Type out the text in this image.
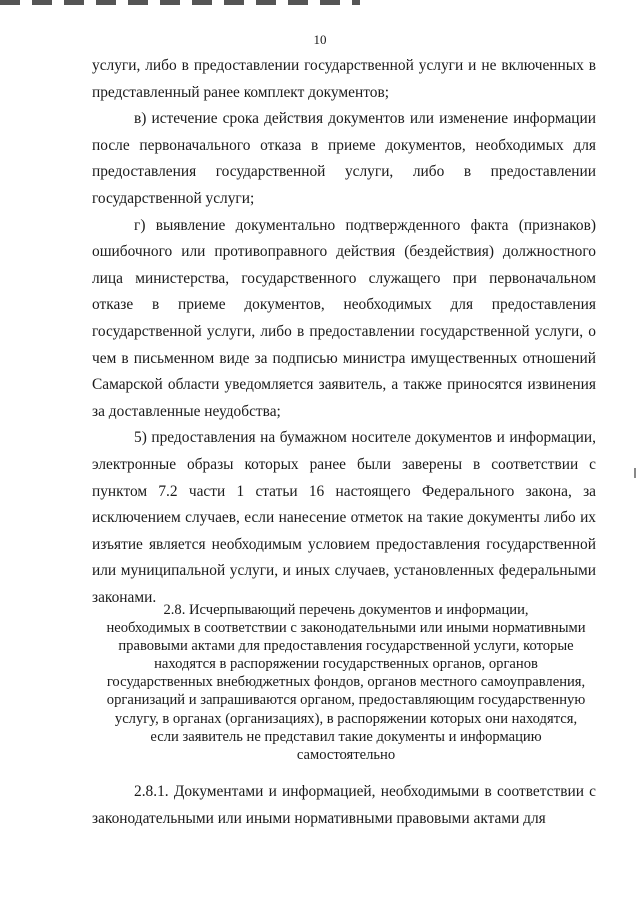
10

услуги, либо в предоставлении государственной услуги и не включенных в представленный ранее комплект документов;

в) истечение срока действия документов или изменение информации после первоначального отказа в приеме документов, необходимых для предоставления государственной услуги, либо в предоставлении государственной услуги;

г) выявление документально подтвержденного факта (признаков) ошибочного или противоправного действия (бездействия) должностного лица министерства, государственного служащего при первоначальном отказе в приеме документов, необходимых для предоставления государственной услуги, либо в предоставлении государственной услуги, о чем в письменном виде за подписью министра имущественных отношений Самарской области уведомляется заявитель, а также приносятся извинения за доставленные неудобства;

5) предоставления на бумажном носителе документов и информации, электронные образы которых ранее были заверены в соответствии с пунктом 7.2 части 1 статьи 16 настоящего Федерального закона, за исключением случаев, если нанесение отметок на такие документы либо их изъятие является необходимым условием предоставления государственной или муниципальной услуги, и иных случаев, установленных федеральными законами.

2.8. Исчерпывающий перечень документов и информации,
необходимых в соответствии с законодательными или иными нормативными
правовыми актами для предоставления государственной услуги, которые
находятся в распоряжении государственных органов, органов
государственных внебюджетных фондов, органов местного самоуправления,
организаций и запрашиваются органом, предоставляющим государственную
услугу, в органах (организациях), в распоряжении которых они находятся,
если заявитель не представил такие документы и информацию
самостоятельно

2.8.1. Документами и информацией, необходимыми в соответствии с законодательными или иными нормативными правовыми актами для
